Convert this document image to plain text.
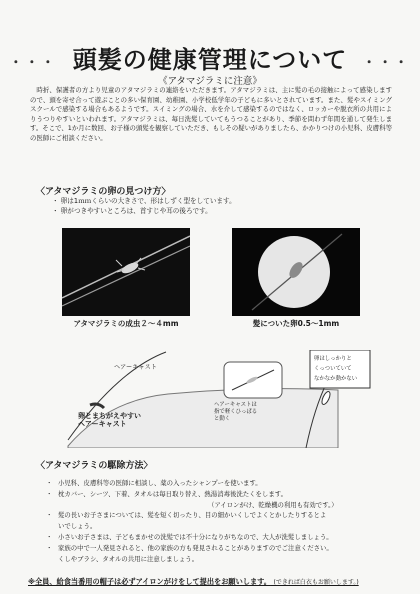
・・・ 頭髪の健康管理について ・・・
《アタマジラミに注意》
時折、保護者の方より児童のアタマジラミの連絡をいただきます。アタマジラミは、主に髪の毛の接触によって感染しますので、頭を寄せ合って遊ぶことの多い保育園、幼稚園、小学校低学年の子どもに多いとされています。また、髪やスイミングスクールで感染する場合もあるようです。スイミングの場合、水を介して感染するのではなく、ロッカーや脱衣所の共用によりうつりやすいといわれます。アタマジラミは、毎日洗髪していてもうつることがあり、季節を問わず年間を通して発生します。そこで、1か月に数回、お子様の頭髪を観察していただき、もしその疑いがありましたら、かかりつけの小児科、皮膚科等の医師にご相談ください。
〈アタマジラミの卵の見つけ方〉
・ 卵は1ｍｍくらいの大きさで、形はしずく型をしています。
・ 卵がつきやすいところは、首すじや耳の後ろです。
アタマジラミの成虫２～４mm	髪についた卵0.5～1mm
ヘアーキャスト
卵とまちがえやすい
ヘアーキャスト
ヘアーキャストは
指で軽くひっぱる
と動く
卵はしっかりと
くっついていて
なかなか動かない
〈アタマジラミの駆除方法〉
・ 小児科、皮膚科等の医師に相談し、薬の入ったシャンプーを使います。
・ 枕カバー、シーツ、下着、タオルは毎日取り替え、熱湯消毒後洗たくをします。
（アイロンがけ、乾燥機の利用も有効です。）
・ 髪の長いお子さまについては、髪を短く切ったり、目の細かいくしでよくとかしたりするとよ
いでしょう。
・ 小さいお子さまは、子どもまかせの洗髪では不十分になりがちなので、大人が洗髪しましょう。
・ 家族の中で一人発見されると、他の家族の方も発見されることがありますのでご注意ください。
くしやブラシ、タオルの共用に注意しましょう。
※全員、給食当番用の帽子は必ずアイロンがけをして提出をお願いします。 (できれば白衣もお願いします。)
